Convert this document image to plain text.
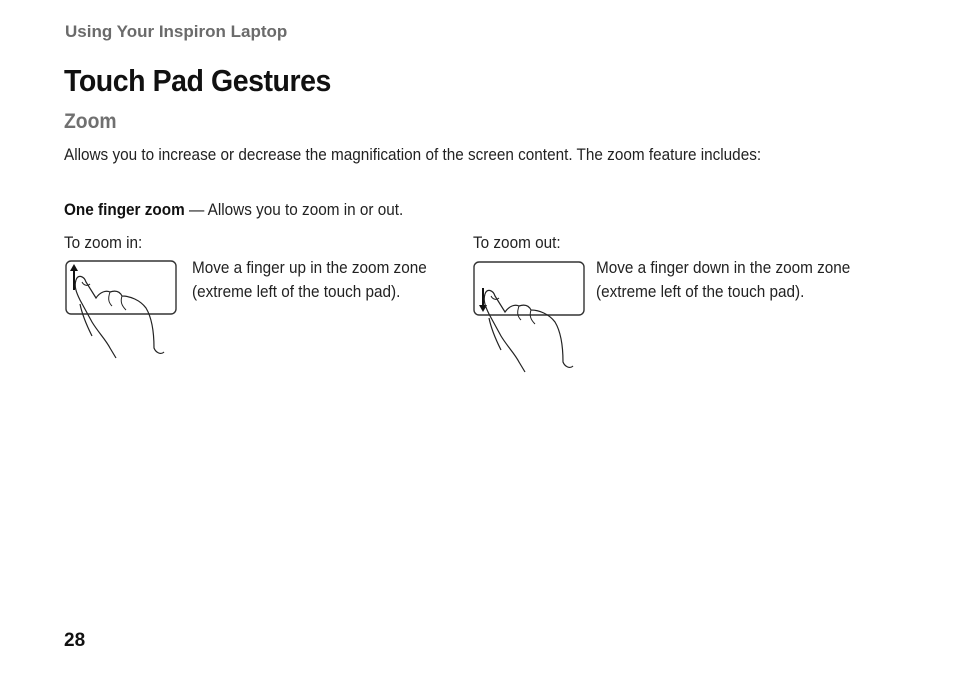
Using Your Inspiron Laptop
Touch Pad Gestures
Zoom
Allows you to increase or decrease the magnification of the screen content. The zoom feature includes:
One finger zoom — Allows you to zoom in or out.
To zoom in:	To zoom out:
Move a finger up in the zoom zone (extreme left of the touch pad).
Move a finger down in the zoom zone (extreme left of the touch pad).
28
